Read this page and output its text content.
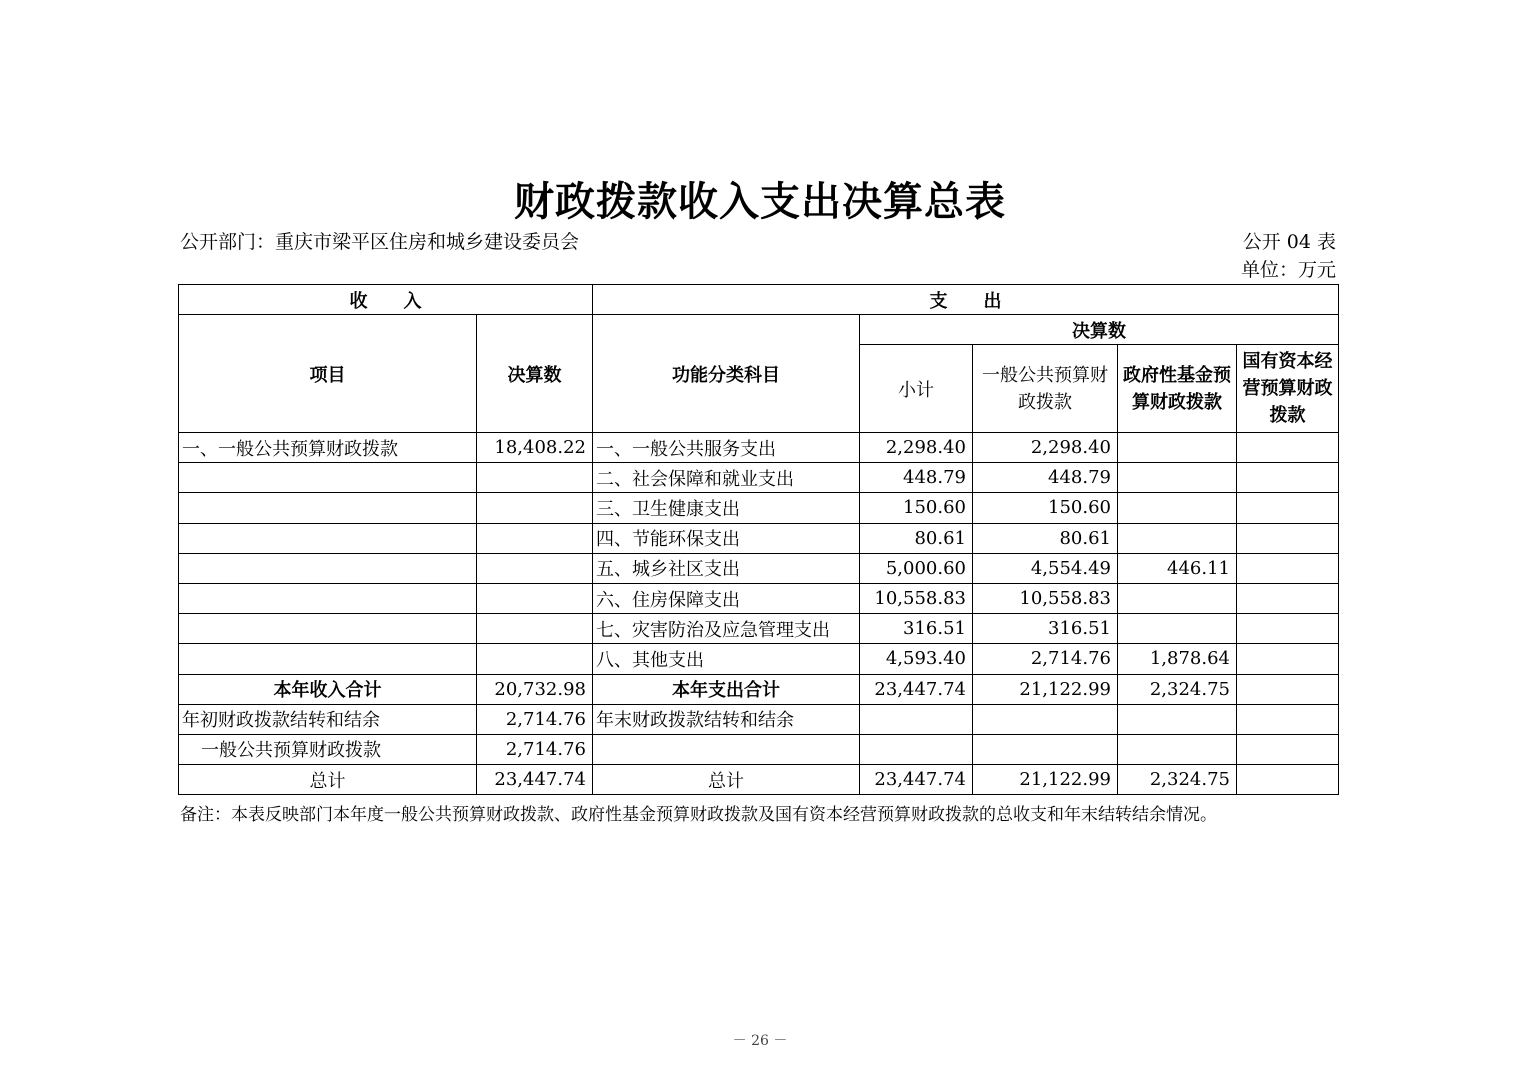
财政拨款收入支出决算总表
公开部门：重庆市梁平区住房和城乡建设委员会	公开 04 表
单位：万元
收　　入		支　　出				
项目	决算数	功能分类科目	决算数			
			小计	一般公共预算财政拨款	政府性基金预算财政拨款	国有资本经营预算财政拨款
一、一般公共预算财政拨款	18,408.22	一、一般公共服务支出	2,298.40	2,298.40		
		二、社会保障和就业支出	448.79	448.79		
		三、卫生健康支出	150.60	150.60		
		四、节能环保支出	80.61	80.61		
		五、城乡社区支出	5,000.60	4,554.49	446.11	
		六、住房保障支出	10,558.83	10,558.83		
		七、灾害防治及应急管理支出	316.51	316.51		
		八、其他支出	4,593.40	2,714.76	1,878.64	
本年收入合计	20,732.98	本年支出合计	23,447.74	21,122.99	2,324.75	
年初财政拨款结转和结余	2,714.76	年末财政拨款结转和结余				
一般公共预算财政拨款	2,714.76					
总计	23,447.74	总计	23,447.74	21,122.99	2,324.75	
备注：本表反映部门本年度一般公共预算财政拨款、政府性基金预算财政拨款及国有资本经营预算财政拨款的总收支和年末结转结余情况。
－ 26 －
